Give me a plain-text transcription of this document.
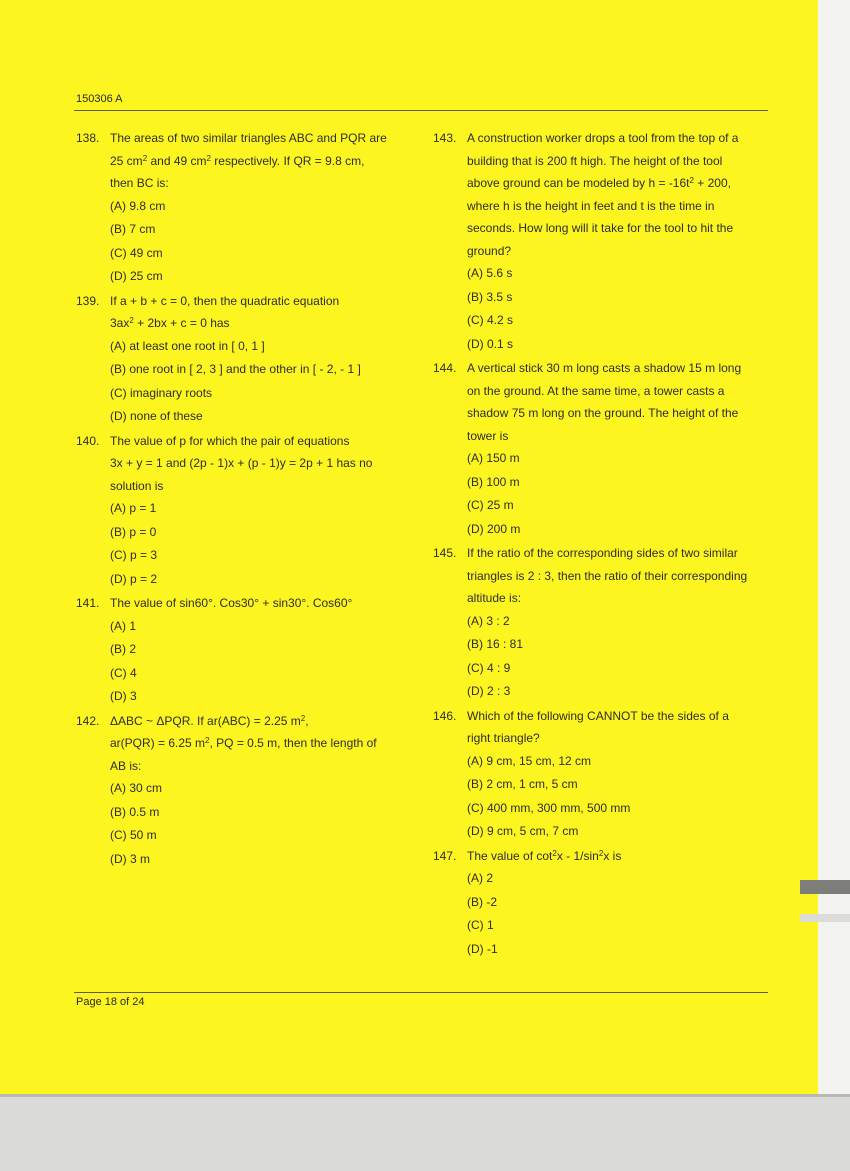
150306 A
138. The areas of two similar triangles ABC and PQR are
25 $cm^2$ and 49 $cm^2$ respectively. If QR = 9.8 cm,
then BC is:
(A) 9.8 cm
(B) 7 cm
(C) 49 cm
(D) 25 cm
139. If a + b + c = 0, then the quadratic equation
$3ax^2 + 2bx + c = 0$ has
(A) at least one root in [ 0, 1 ]
(B) one root in [ 2, 3 ] and the other in [ - 2, - 1 ]
(C) imaginary roots
(D) none of these
140. The value of p for which the pair of equations
3x + y = 1 and (2p - 1)x + (p - 1)y = 2p + 1 has no
solution is
(A) p = 1
(B) p = 0
(C) p = 3
(D) p = 2
141. The value of sin60°. Cos30° + sin30°. Cos60°
(A) 1
(B) 2
(C) 4
(D) 3
142. ΔABC ~ ΔPQR. If ar(ABC) = 2.25 $m^2$,
ar(PQR) = 6.25 $m^2$, PQ = 0.5 m, then the length of
AB is:
(A) 30 cm
(B) 0.5 m
(C) 50 m
(D) 3 m
143. A construction worker drops a tool from the top of a
building that is 200 ft high. The height of the tool
above ground can be modeled by $h = -16t^2 + 200$,
where h is the height in feet and t is the time in
seconds. How long will it take for the tool to hit the
ground?
(A) 5.6 s
(B) 3.5 s
(C) 4.2 s
(D) 0.1 s
144. A vertical stick 30 m long casts a shadow 15 m long
on the ground. At the same time, a tower casts a
shadow 75 m long on the ground. The height of the
tower is
(A) 150 m
(B) 100 m
(C) 25 m
(D) 200 m
145. If the ratio of the corresponding sides of two similar
triangles is 2 : 3, then the ratio of their corresponding
altitude is:
(A) 3 : 2
(B) 16 : 81
(C) 4 : 9
(D) 2 : 3
146. Which of the following CANNOT be the sides of a
right triangle?
(A) 9 cm, 15 cm, 12 cm
(B) 2 cm, 1 cm, 5 cm
(C) 400 mm, 300 mm, 500 mm
(D) 9 cm, 5 cm, 7 cm
147. The value of $\cot^2x - 1/\sin^2x$ is
(A) 2
(B) -2
(C) 1
(D) -1
Page 18 of 24
